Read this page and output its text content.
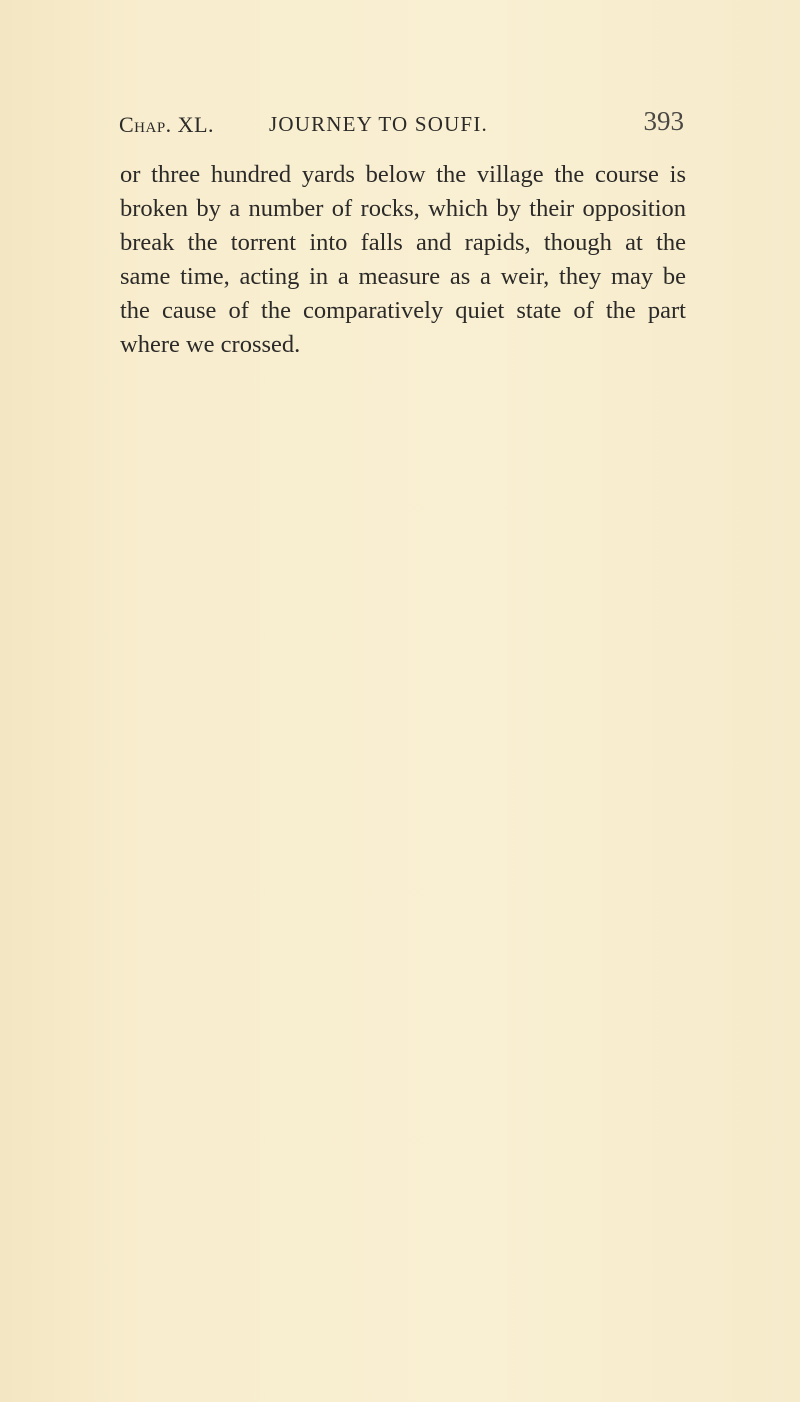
Chap. XL.	JOURNEY TO SOUFI.	393
or three hundred yards below the village the course is
broken by a number of rocks, which by their opposition
break the torrent into falls and rapids, though at the
same time, acting in a measure as a weir, they may be
the cause of the comparatively quiet state of the part
where we crossed.
